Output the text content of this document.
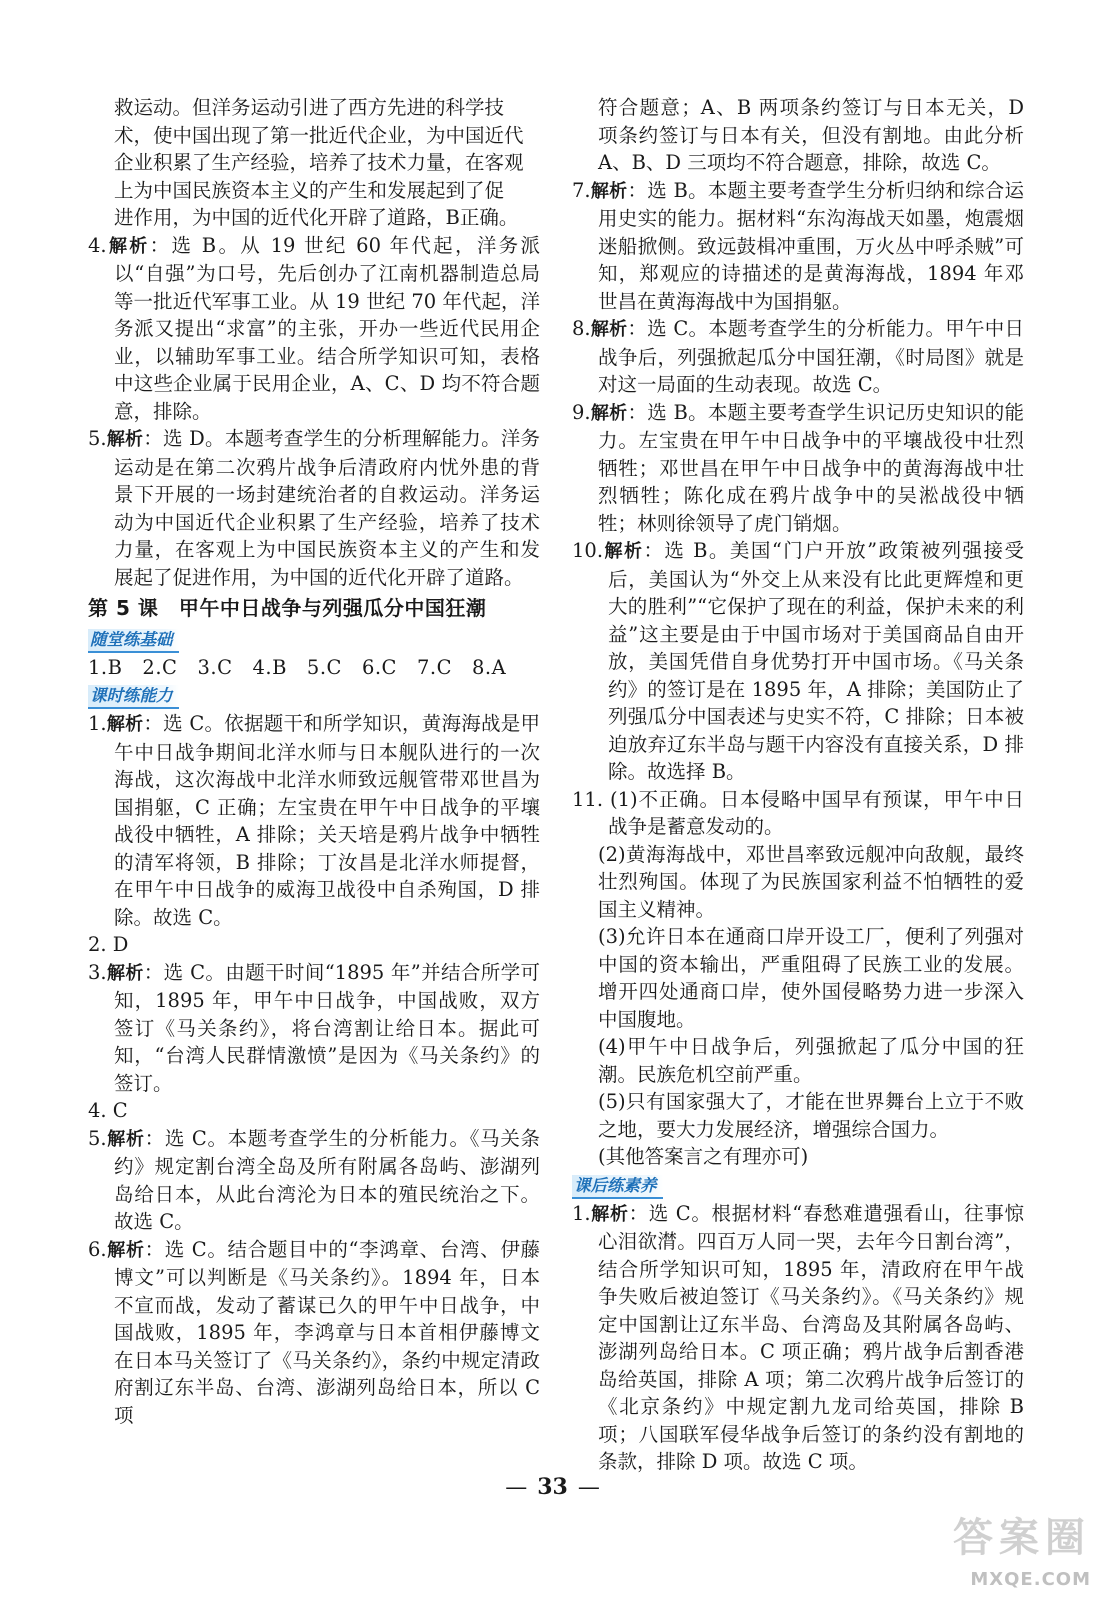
救运动。但洋务运动引进了西方先进的科学技

术，使中国出现了第一批近代企业，为中国近代

企业积累了生产经验，培养了技术力量，在客观

上为中国民族资本主义的产生和发展起到了促

进作用，为中国的近代化开辟了道路，B正确。

4.解析：选 B。从 19 世纪 60 年代起，洋务派以“自强”为口号，先后创办了江南机器制造总局等一批近代军事工业。从 19 世纪 70 年代起，洋务派又提出“求富”的主张，开办一些近代民用企业，以辅助军事工业。结合所学知识可知，表格中这些企业属于民用企业，A、C、D 均不符合题意，排除。

5.解析：选 D。本题考查学生的分析理解能力。洋务运动是在第二次鸦片战争后清政府内忧外患的背景下开展的一场封建统治者的自救运动。洋务运动为中国近代企业积累了生产经验，培养了技术力量，在客观上为中国民族资本主义的产生和发展起了促进作用，为中国的近代化开辟了道路。

第 5 课　甲午中日战争与列强瓜分中国狂潮
随堂练基础

1.B　2.C　3.C　4.B　5.C　6.C　7.C　8.A

课时练能力

1.解析：选 C。依据题干和所学知识，黄海海战是甲午中日战争期间北洋水师与日本舰队进行的一次海战，这次海战中北洋水师致远舰管带邓世昌为国捐躯，C 正确；左宝贵在甲午中日战争的平壤战役中牺牲，A 排除；关天培是鸦片战争中牺牲的清军将领，B 排除；丁汝昌是北洋水师提督，在甲午中日战争的威海卫战役中自杀殉国，D 排除。故选 C。

2. D

3.解析：选 C。由题干时间“1895 年”并结合所学可知，1895 年，甲午中日战争，中国战败，双方签订《马关条约》，将台湾割让给日本。据此可知，“台湾人民群情激愤”是因为《马关条约》的签订。

4. C

5.解析：选 C。本题考查学生的分析能力。《马关条约》规定割台湾全岛及所有附属各岛屿、澎湖列岛给日本，从此台湾沦为日本的殖民统治之下。故选 C。

6.解析：选 C。结合题目中的“李鸿章、台湾、伊藤博文”可以判断是《马关条约》。1894 年，日本不宣而战，发动了蓄谋已久的甲午中日战争，中国战败，1895 年，李鸿章与日本首相伊藤博文在日本马关签订了《马关条约》，条约中规定清政府割辽东半岛、台湾、澎湖列岛给日本，所以 C 项

符合题意；A、B 两项条约签订与日本无关，D 项条约签订与日本有关，但没有割地。由此分析 A、B、D 三项均不符合题意，排除，故选 C。

7.解析：选 B。本题主要考查学生分析归纳和综合运用史实的能力。据材料“东沟海战天如墨，炮震烟迷船掀侧。致远鼓楫冲重围，万火丛中呼杀贼”可知，郑观应的诗描述的是黄海海战，1894 年邓世昌在黄海海战中为国捐躯。

8.解析：选 C。本题考查学生的分析能力。甲午中日战争后，列强掀起瓜分中国狂潮，《时局图》就是对这一局面的生动表现。故选 C。

9.解析：选 B。本题主要考查学生识记历史知识的能力。左宝贵在甲午中日战争中的平壤战役中壮烈牺牲；邓世昌在甲午中日战争中的黄海海战中壮烈牺牲；陈化成在鸦片战争中的吴淞战役中牺牲；林则徐领导了虎门销烟。

10.解析：选 B。美国“门户开放”政策被列强接受后，美国认为“外交上从来没有比此更辉煌和更大的胜利”“它保护了现在的利益，保护未来的利益”这主要是由于中国市场对于美国商品自由开放，美国凭借自身优势打开中国市场。《马关条约》的签订是在 1895 年，A 排除；美国防止了列强瓜分中国表述与史实不符，C 排除；日本被迫放弃辽东半岛与题干内容没有直接关系，D 排除。故选择 B。

11. (1)不正确。日本侵略中国早有预谋，甲午中日战争是蓄意发动的。

(2)黄海海战中，邓世昌率致远舰冲向敌舰，最终壮烈殉国。体现了为民族国家利益不怕牺牲的爱国主义精神。

(3)允许日本在通商口岸开设工厂，便利了列强对中国的资本输出，严重阻碍了民族工业的发展。增开四处通商口岸，使外国侵略势力进一步深入中国腹地。

(4)甲午中日战争后，列强掀起了瓜分中国的狂潮。民族危机空前严重。

(5)只有国家强大了，才能在世界舞台上立于不败之地，要大力发展经济，增强综合国力。

(其他答案言之有理亦可)

课后练素养

1.解析：选 C。根据材料“春愁难遣强看山，往事惊心泪欲潸。四百万人同一哭，去年今日割台湾”，结合所学知识可知，1895 年，清政府在甲午战争失败后被迫签订《马关条约》。《马关条约》规定中国割让辽东半岛、台湾岛及其附属各岛屿、澎湖列岛给日本。C 项正确；鸦片战争后割香港岛给英国，排除 A 项；第二次鸦片战争后签订的《北京条约》中规定割九龙司给英国，排除 B 项；八国联军侵华战争后签订的条约没有割地的条款，排除 D 项。故选 C 项。

— 33 —
答案圈
MXQE.COM
